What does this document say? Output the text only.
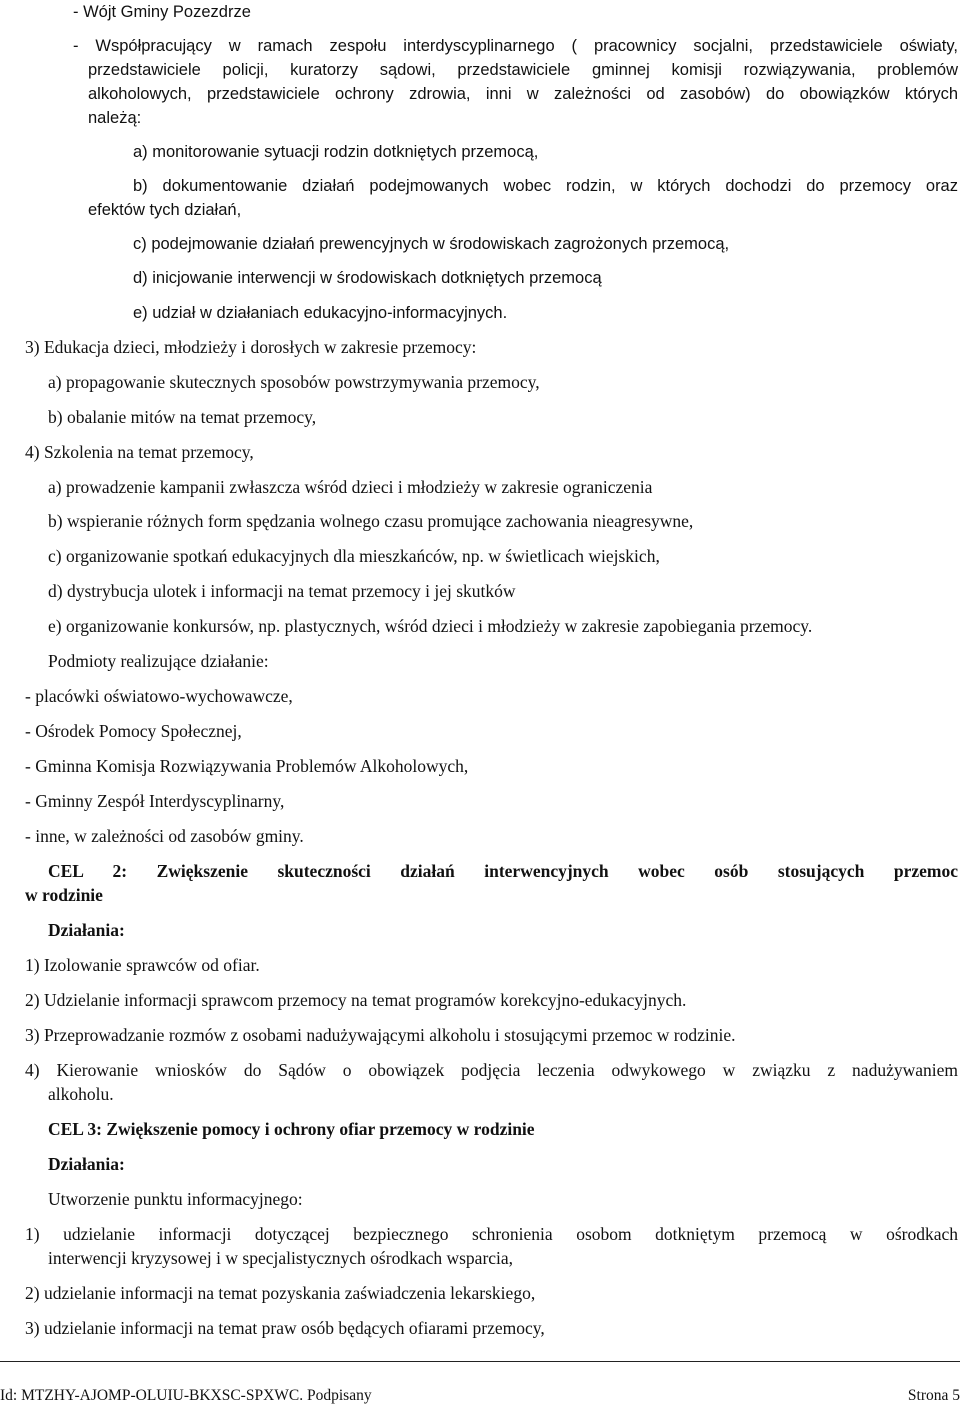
- Wójt Gminy Pozezdrze
- Współpracujący w ramach zespołu interdyscyplinarnego ( pracownicy socjalni, przedstawiciele oświaty,
przedstawiciele policji, kuratorzy sądowi, przedstawiciele gminnej komisji rozwiązywania, problemów
alkoholowych, przedstawiciele ochrony zdrowia, inni w zależności od zasobów) do obowiązków których
należą:
a) monitorowanie sytuacji rodzin dotkniętych przemocą,
b) dokumentowanie działań podejmowanych wobec rodzin, w których dochodzi do przemocy oraz
efektów tych działań,
c) podejmowanie działań prewencyjnych w środowiskach zagrożonych przemocą,
d) inicjowanie interwencji w środowiskach dotkniętych przemocą
e) udział w działaniach edukacyjno-informacyjnych.
3) Edukacja dzieci, młodzieży i dorosłych w zakresie przemocy:
a) propagowanie skutecznych sposobów powstrzymywania przemocy,
b) obalanie mitów na temat przemocy,
4) Szkolenia na temat przemocy,
a) prowadzenie kampanii zwłaszcza wśród dzieci i młodzieży w zakresie ograniczenia
b) wspieranie różnych form spędzania wolnego czasu promujące zachowania nieagresywne,
c) organizowanie spotkań edukacyjnych dla mieszkańców, np. w świetlicach wiejskich,
d) dystrybucja ulotek i informacji na temat przemocy i jej skutków
e) organizowanie konkursów, np. plastycznych, wśród dzieci i młodzieży w zakresie zapobiegania przemocy.
Podmioty realizujące działanie:
- placówki oświatowo-wychowawcze,
- Ośrodek Pomocy Społecznej,
- Gminna Komisja Rozwiązywania Problemów Alkoholowych,
- Gminny Zespół Interdyscyplinarny,
- inne, w zależności od zasobów gminy.
CEL 2: Zwiększenie skuteczności działań interwencyjnych wobec osób stosujących przemoc
w rodzinie
Działania:
1) Izolowanie sprawców od ofiar.
2) Udzielanie informacji sprawcom przemocy na temat programów korekcyjno-edukacyjnych.
3) Przeprowadzanie rozmów z osobami nadużywającymi alkoholu i stosującymi przemoc w rodzinie.
4) Kierowanie wniosków do Sądów o obowiązek podjęcia leczenia odwykowego w związku z nadużywaniem
alkoholu.
CEL 3: Zwiększenie pomocy i ochrony ofiar przemocy w rodzinie
Działania:
Utworzenie punktu informacyjnego:
1) udzielanie informacji dotyczącej bezpiecznego schronienia osobom dotkniętym przemocą w ośrodkach
interwencji kryzysowej i w specjalistycznych ośrodkach wsparcia,
2) udzielanie informacji na temat pozyskania zaświadczenia lekarskiego,
3) udzielanie informacji na temat praw osób będących ofiarami przemocy,
Id: MTZHY-AJOMP-OLUIU-BKXSC-SPXWC. Podpisany	Strona 5
